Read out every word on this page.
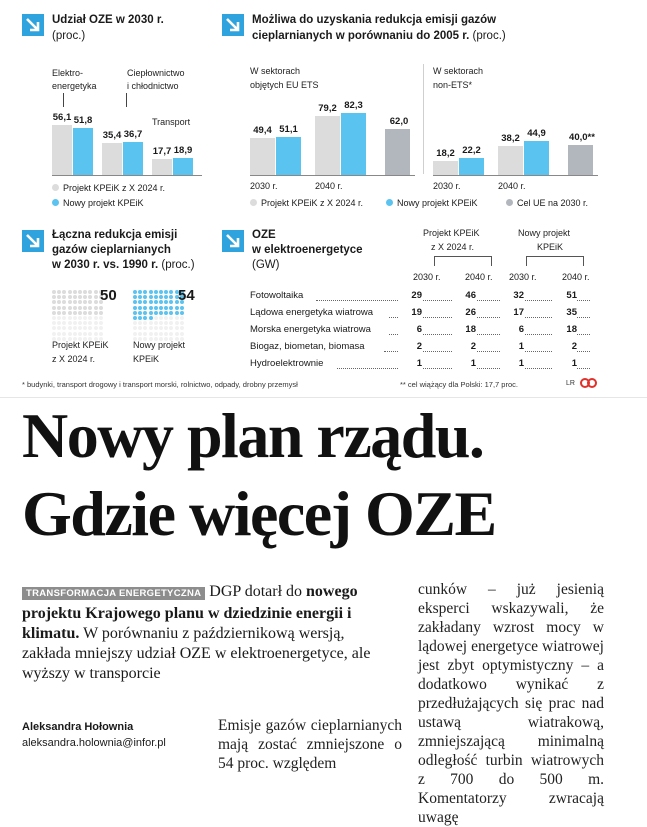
Udział OZE w 2030 r.
(proc.)
Elektro-
energetyka
Ciepłownictwo
i chłodnictwo
Transport
56,1 51,8
35,4 36,7
17,7 18,9
Projekt KPEiK z X 2024 r.
Nowy projekt KPEiK
Możliwa do uzyskania redukcja emisji gazów
cieplarnianych w porównaniu do 2005 r. (proc.)
W sektorach
objętych EU ETS
W sektorach
non-ETS*
49,4 51,1
2030 r.
79,2 82,3
2040 r.
18,2 22,2
2030 r.
38,2 44,9
2040 r.
62,0
40,0**
Projekt KPEiK z X 2024 r.	Nowy projekt KPEiK	Cel UE na 2030 r.
Łączna redukcja emisji
gazów cieplarnianych
w 2030 r. vs. 1990 r. (proc.)
50	54
Projekt KPEiK
z X 2024 r.
Nowy projekt
KPEiK
OZE
w elektroenergetyce
(GW)
Projekt KPEiK
z X 2024 r.
Nowy projekt
KPEiK
2030 r.	2040 r. 2030 r.	2040 r.
Fotowoltaika	29	46	32	51
Lądowa energetyka wiatrowa	19	26	17	35
Morska energetyka wiatrowa	6	18	6	18
Biogaz, biometan, biomasa	2	2	1	2
Hydroelektrownie	1	1	1	1
* budynki, transport drogowy i transport morski, rolnictwo, odpady, drobny przemysł	** cel wiążący dla Polski: 17,7 proc.	LR
Nowy plan rządu.
Gdzie więcej OZE
TRANSFORMACJA ENERGETYCZNA DGP dotarł do nowego projektu Krajowego planu w dziedzinie energii i klimatu. W porównaniu z październikową wersją, zakłada mniejszy udział OZE w elektroenergetyce, ale wyższy w transporcie
Aleksandra Hołownia
aleksandra.holownia@infor.pl
Emisje gazów cieplarnianych mają zostać zmniejszone o 54 proc. względem
cunków – już jesienią eksperci wskazywali, że zakładany wzrost mocy w lądowej energetyce wiatrowej jest zbyt optymistyczny – a dodatkowo wynikać z przedłużających się prac nad ustawą wiatrakową, zmniejszającą minimalną odległość turbin wiatrowych z 700 do 500 m. Komentatorzy zwracają uwagę
